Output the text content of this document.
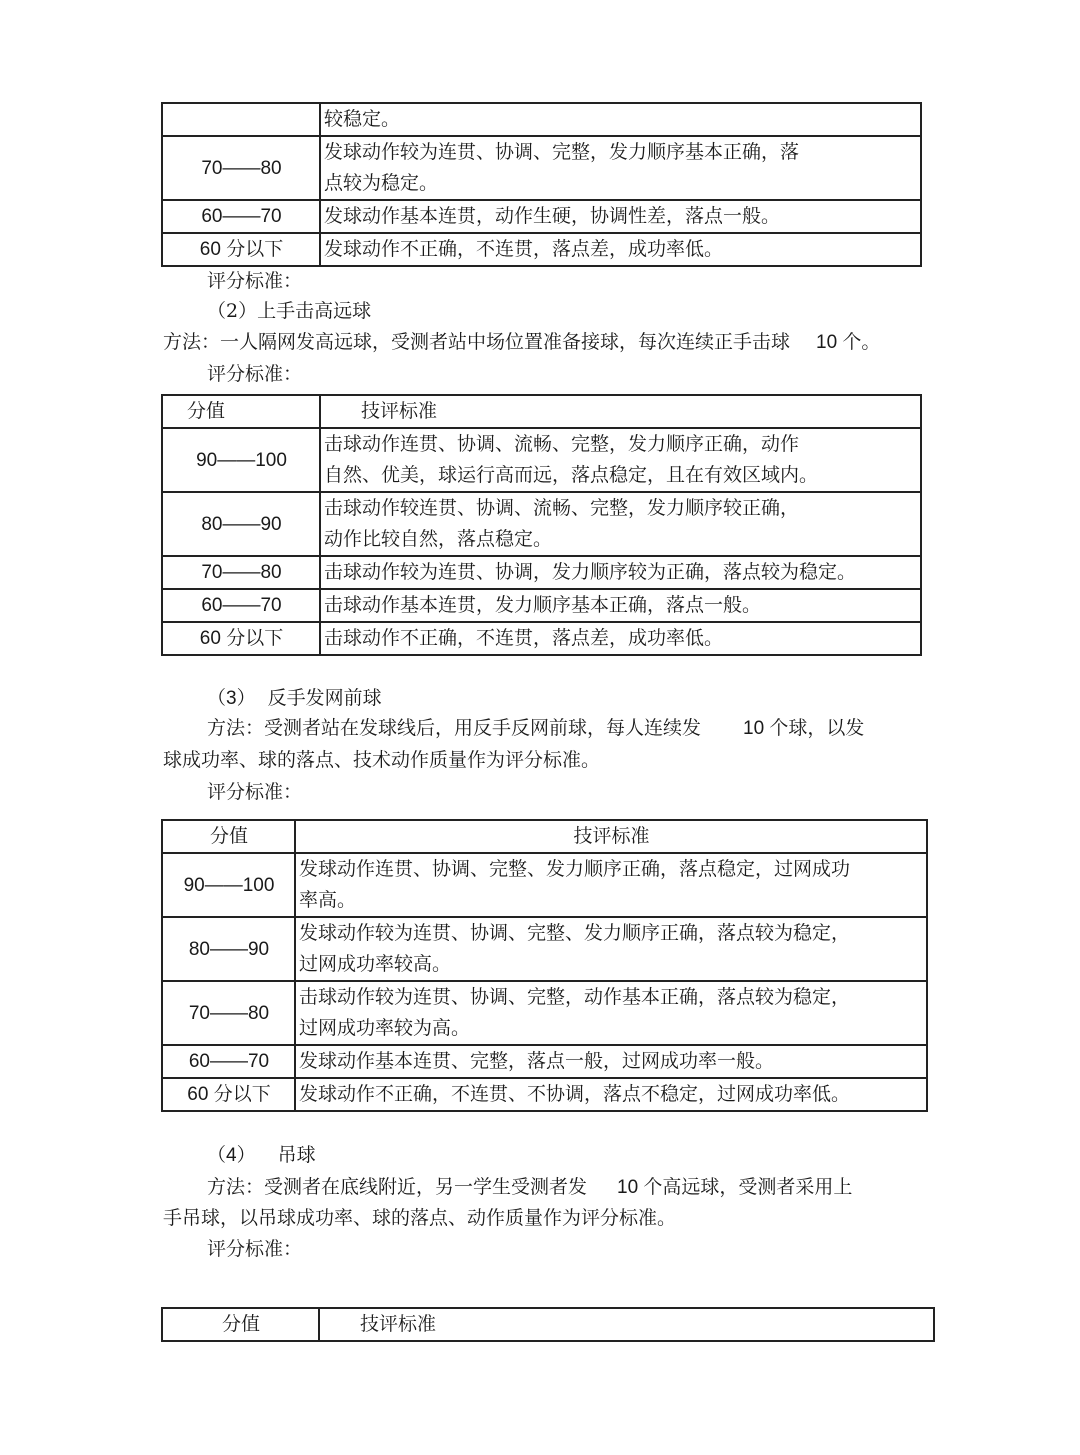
	较稳定。
70——80	发球动作较为连贯、协调、完整，发力顺序基本正确，落
点较为稳定。
60——70	发球动作基本连贯，动作生硬，协调性差，落点一般。
60 分以下	发球动作不正确，不连贯，落点差，成功率低。
评分标准：
（2）上手击高远球
方法：一人隔网发高远球，受测者站中场位置准备接球，每次连续正手击球 10 个。
评分标准：
分值	技评标准
90——100	击球动作连贯、协调、流畅、完整，发力顺序正确，动作
自然、优美，球运行高而远，落点稳定，且在有效区域内。
80——90	击球动作较连贯、协调、流畅、完整，发力顺序较正确，
动作比较自然，落点稳定。
70——80	击球动作较为连贯、协调，发力顺序较为正确，落点较为稳定。
60——70	击球动作基本连贯，发力顺序基本正确，落点一般。
60 分以下	击球动作不正确，不连贯，落点差，成功率低。
（3） 反手发网前球
方法：受测者站在发球线后，用反手反网前球，每人连续发 10 个球，以发
球成功率、球的落点、技术动作质量作为评分标准。
评分标准：
分值	技评标准
90——100	发球动作连贯、协调、完整、发力顺序正确，落点稳定，过网成功
率高。
80——90	发球动作较为连贯、协调、完整、发力顺序正确，落点较为稳定，
过网成功率较高。
70——80	击球动作较为连贯、协调、完整，动作基本正确，落点较为稳定，
过网成功率较为高。
60——70	发球动作基本连贯、完整，落点一般，过网成功率一般。
60 分以下	发球动作不正确，不连贯、不协调，落点不稳定，过网成功率低。
（4） 吊球
方法：受测者在底线附近，另一学生受测者发 10 个高远球，受测者采用上
手吊球，以吊球成功率、球的落点、动作质量作为评分标准。
评分标准：
分值	技评标准
